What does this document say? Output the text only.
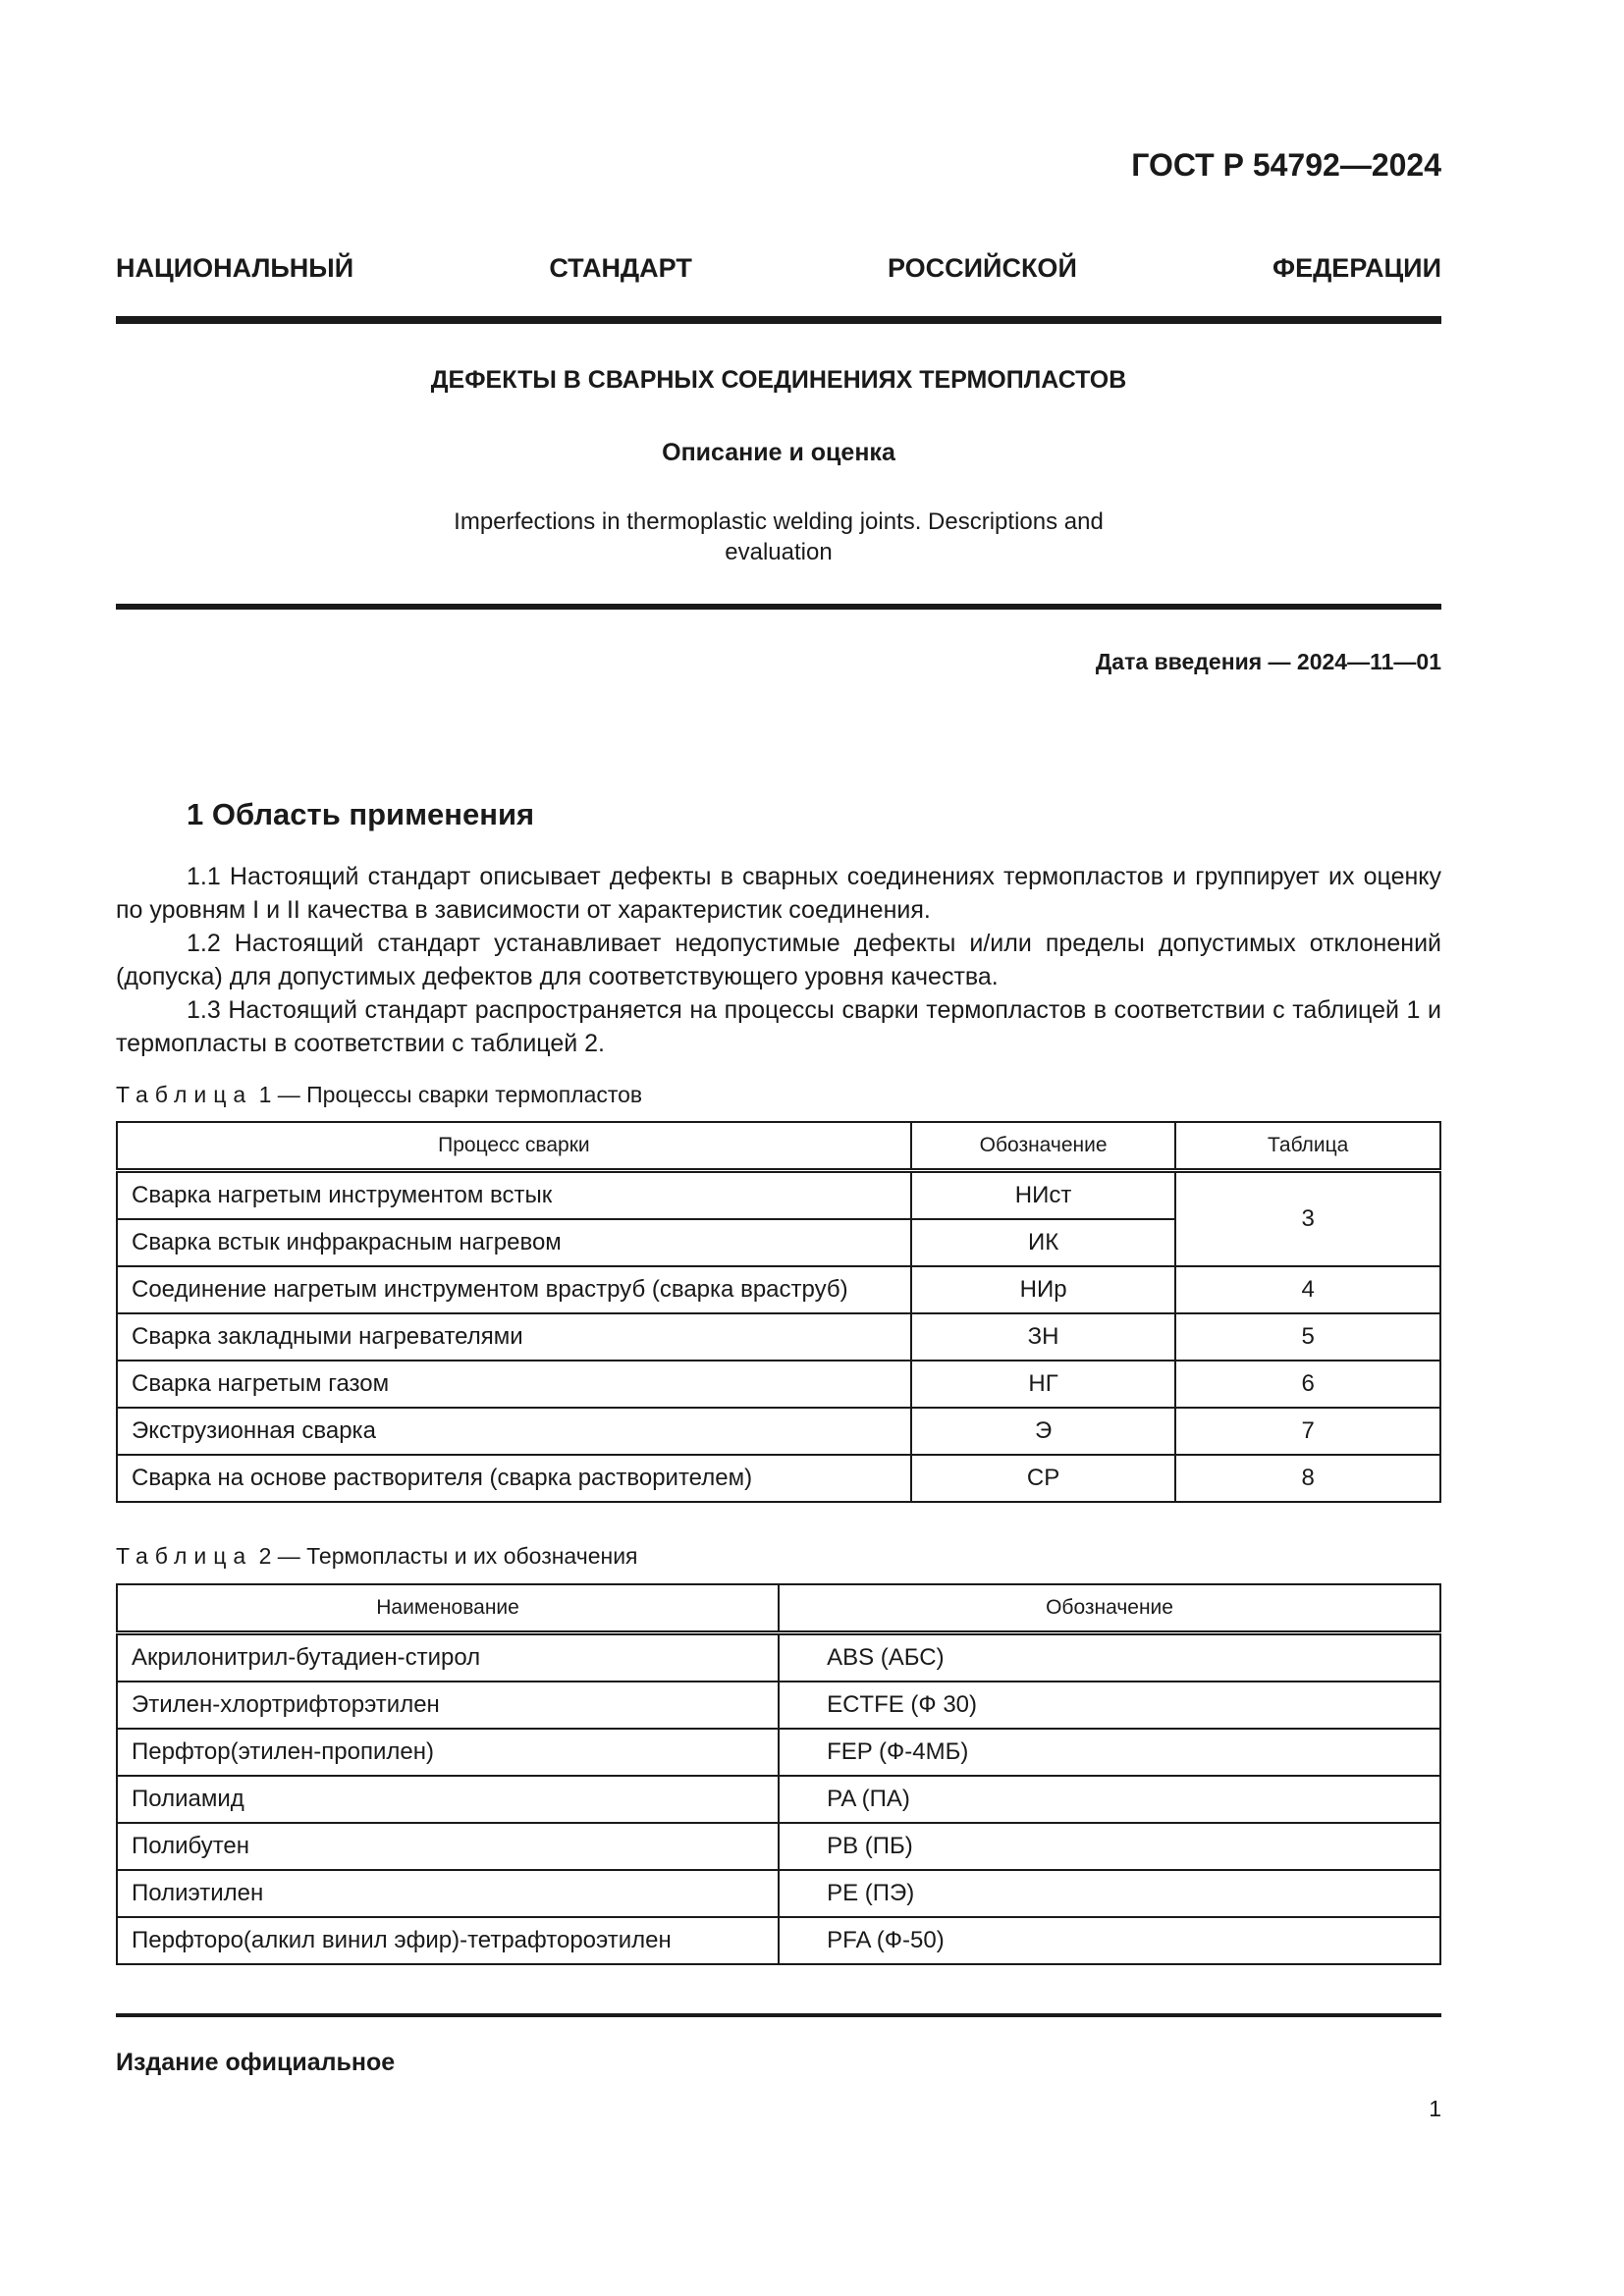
ГОСТ Р 54792—2024
НАЦИОНАЛЬНЫЙ СТАНДАРТ РОССИЙСКОЙ ФЕДЕРАЦИИ
ДЕФЕКТЫ В СВАРНЫХ СОЕДИНЕНИЯХ ТЕРМОПЛАСТОВ
Описание и оценка
Imperfections in thermoplastic welding joints. Descriptions and
evaluation
Дата введения — 2024—11—01
1 Область применения
1.1 Настоящий стандарт описывает дефекты в сварных соединениях термопластов и группирует их оценку по уровням I и II качества в зависимости от характеристик соединения.
1.2 Настоящий стандарт устанавливает недопустимые дефекты и/или пределы допустимых отклонений (допуска) для допустимых дефектов для соответствующего уровня качества.
1.3 Настоящий стандарт распространяется на процессы сварки термопластов в соответствии с таблицей 1 и термопласты в соответствии с таблицей 2.
Таблица 1 — Процессы сварки термопластов
Процесс сварки	Обозначение	Таблица
Сварка нагретым инструментом встык	НИст	3
Сварка встык инфракрасным нагревом	ИК	
Соединение нагретым инструментом враструб (сварка враструб)	НИр	4
Сварка закладными нагревателями	ЗН	5
Сварка нагретым газом	НГ	6
Экструзионная сварка	Э	7
Сварка на основе растворителя (сварка растворителем)	СР	8
Таблица 2 — Термопласты и их обозначения
Наименование	Обозначение
Акрилонитрил-бутадиен-стирол	ABS (АБС)
Этилен-хлортрифторэтилен	ECTFE (Ф 30)
Перфтор(этилен-пропилен)	FEP (Ф-4МБ)
Полиамид	PA (ПА)
Полибутен	PB (ПБ)
Полиэтилен	PE (ПЭ)
Перфторо(алкил винил эфир)-тетрафтороэтилен	PFA (Ф-50)
Издание официальное
1
